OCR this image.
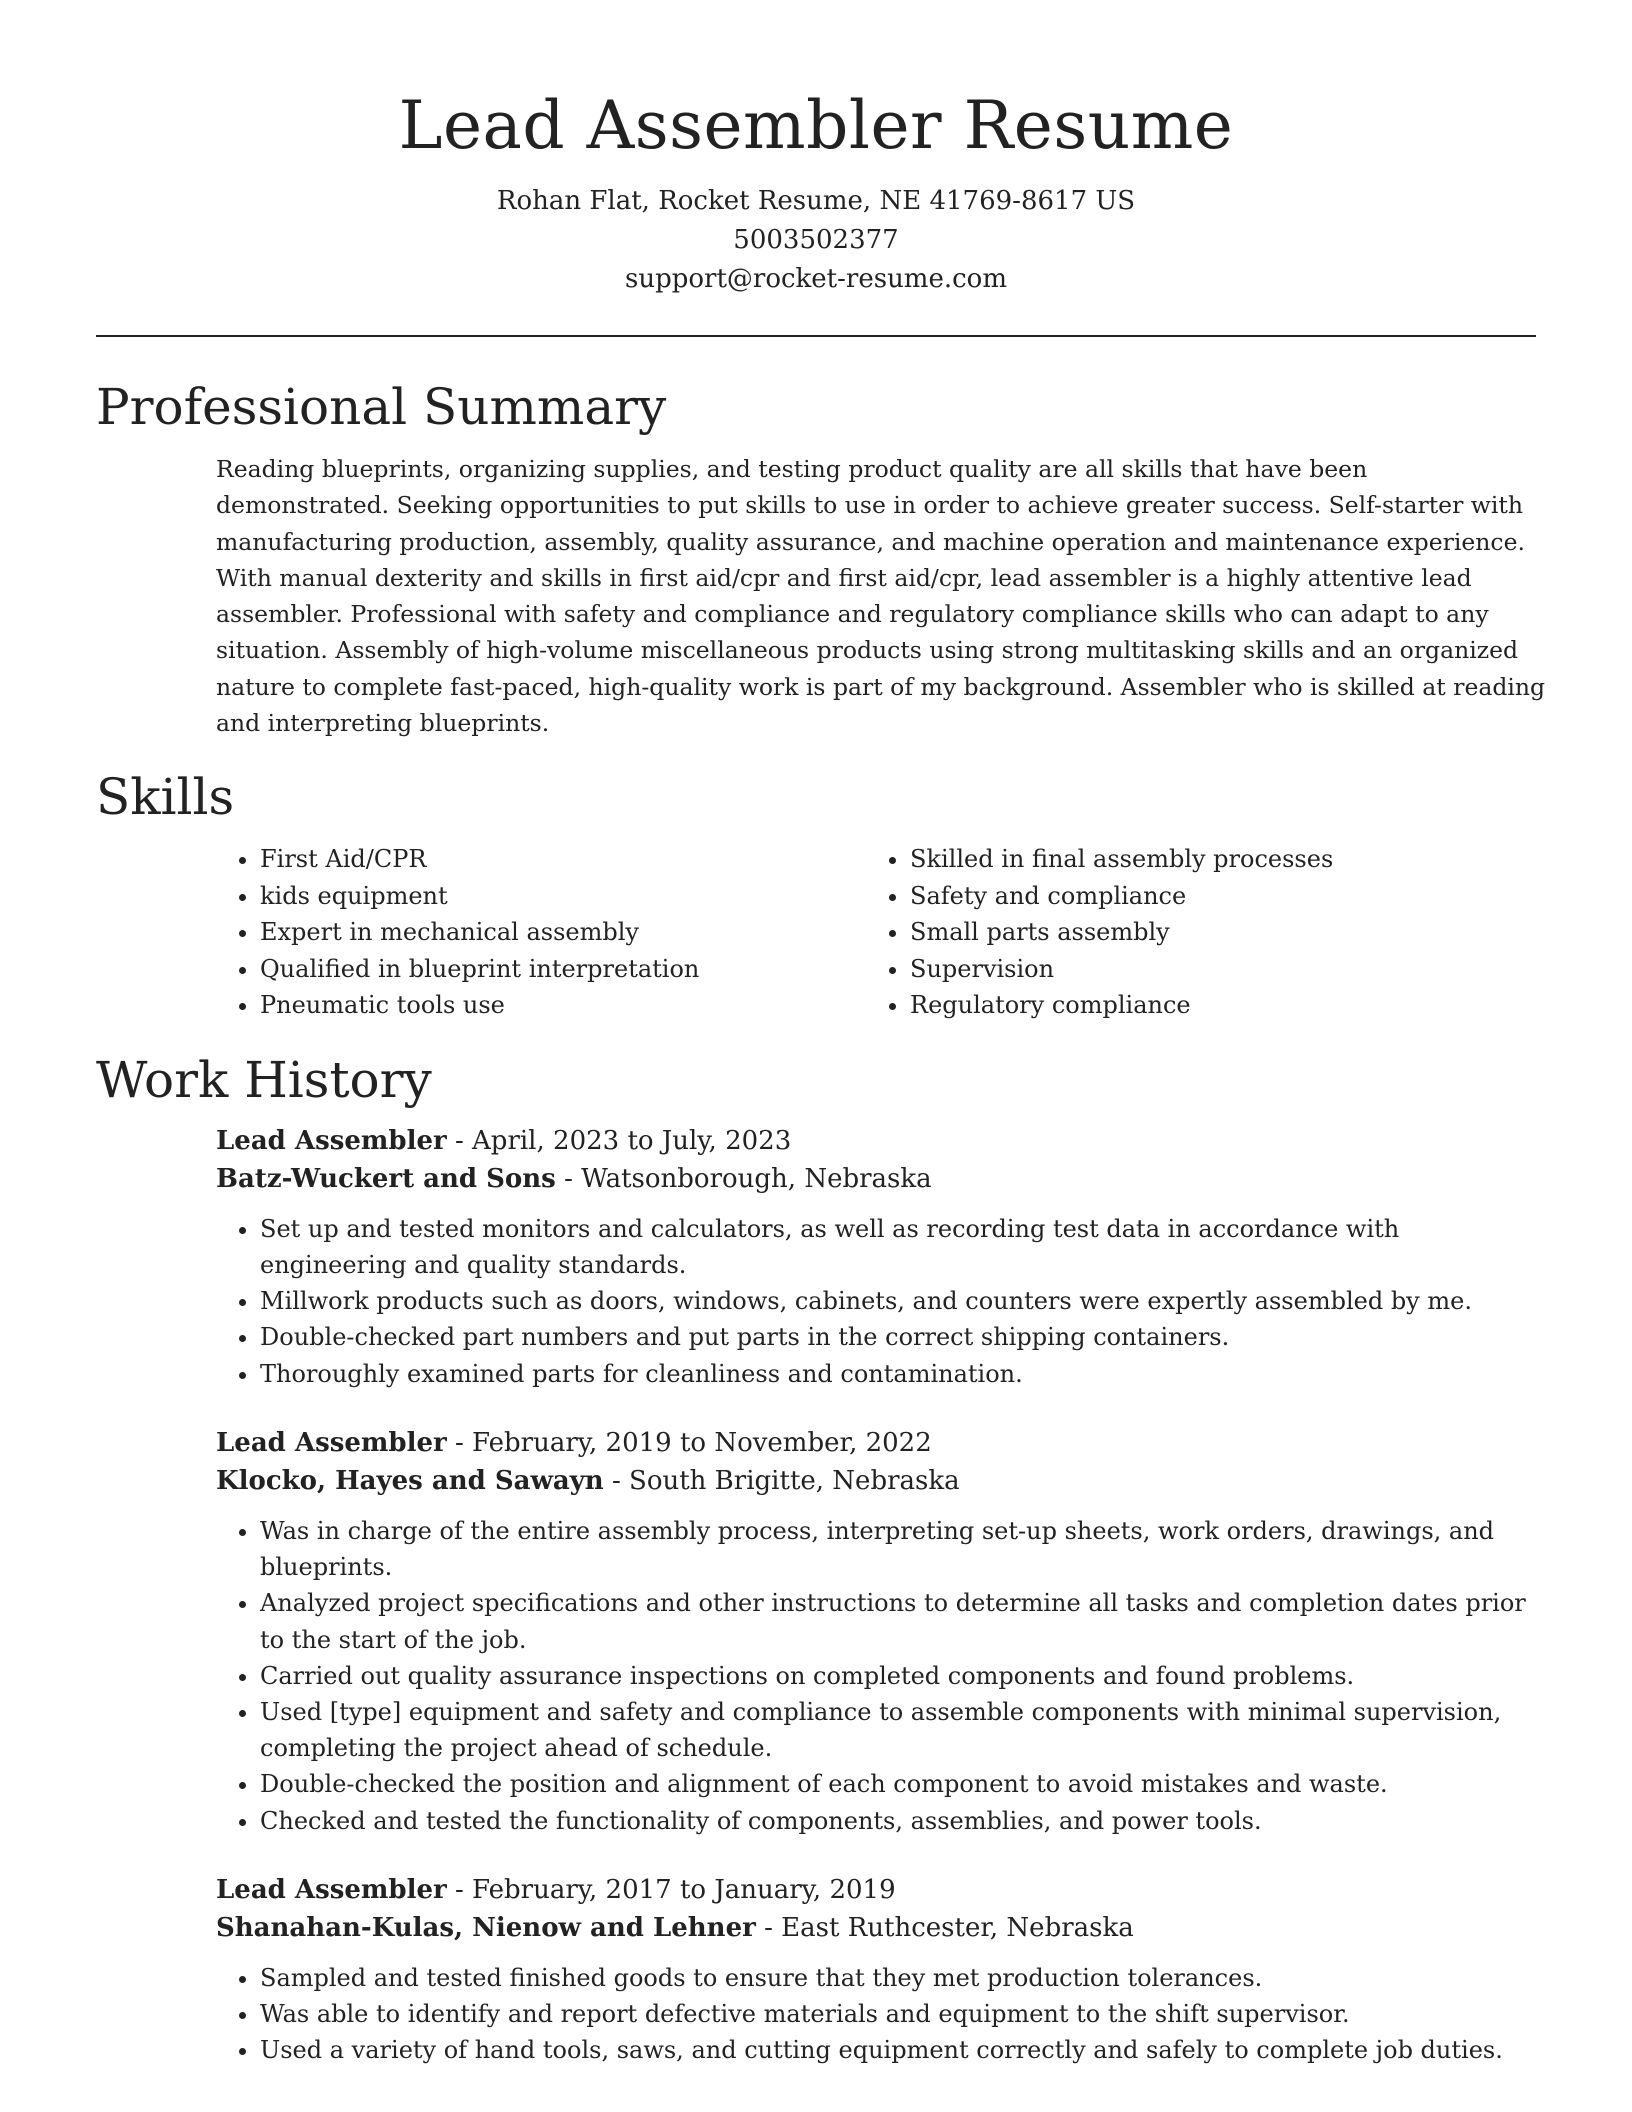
Lead Assembler Resume
Rohan Flat, Rocket Resume, NE 41769-8617 US
5003502377
support@rocket-resume.com
Professional Summary

Reading blueprints, organizing supplies, and testing product quality are all skills that have been demonstrated. Seeking opportunities to put skills to use in order to achieve greater success. Self-starter with manufacturing production, assembly, quality assurance, and machine operation and maintenance experience. With manual dexterity and skills in first aid/cpr and first aid/cpr, lead assembler is a highly attentive lead assembler. Professional with safety and compliance and regulatory compliance skills who can adapt to any situation. Assembly of high-volume miscellaneous products using strong multitasking skills and an organized nature to complete fast-paced, high-quality work is part of my background. Assembler who is skilled at reading and interpreting blueprints.

Skills
• First Aid/CPR
• kids equipment
• Expert in mechanical assembly
• Qualified in blueprint interpretation
• Pneumatic tools use
• Skilled in final assembly processes
• Safety and compliance
• Small parts assembly
• Supervision
• Regulatory compliance
Work History
Lead Assembler - April, 2023 to July, 2023
Batz-Wuckert and Sons - Watsonborough, Nebraska
• Set up and tested monitors and calculators, as well as recording test data in accordance with engineering and quality standards.
• Millwork products such as doors, windows, cabinets, and counters were expertly assembled by me.
• Double-checked part numbers and put parts in the correct shipping containers.
• Thoroughly examined parts for cleanliness and contamination.
Lead Assembler - February, 2019 to November, 2022
Klocko, Hayes and Sawayn - South Brigitte, Nebraska
• Was in charge of the entire assembly process, interpreting set-up sheets, work orders, drawings, and blueprints.
• Analyzed project specifications and other instructions to determine all tasks and completion dates prior to the start of the job.
• Carried out quality assurance inspections on completed components and found problems.
• Used [type] equipment and safety and compliance to assemble components with minimal supervision, completing the project ahead of schedule.
• Double-checked the position and alignment of each component to avoid mistakes and waste.
• Checked and tested the functionality of components, assemblies, and power tools.
Lead Assembler - February, 2017 to January, 2019
Shanahan-Kulas, Nienow and Lehner - East Ruthcester, Nebraska
• Sampled and tested finished goods to ensure that they met production tolerances.
• Was able to identify and report defective materials and equipment to the shift supervisor.
• Used a variety of hand tools, saws, and cutting equipment correctly and safely to complete job duties.
